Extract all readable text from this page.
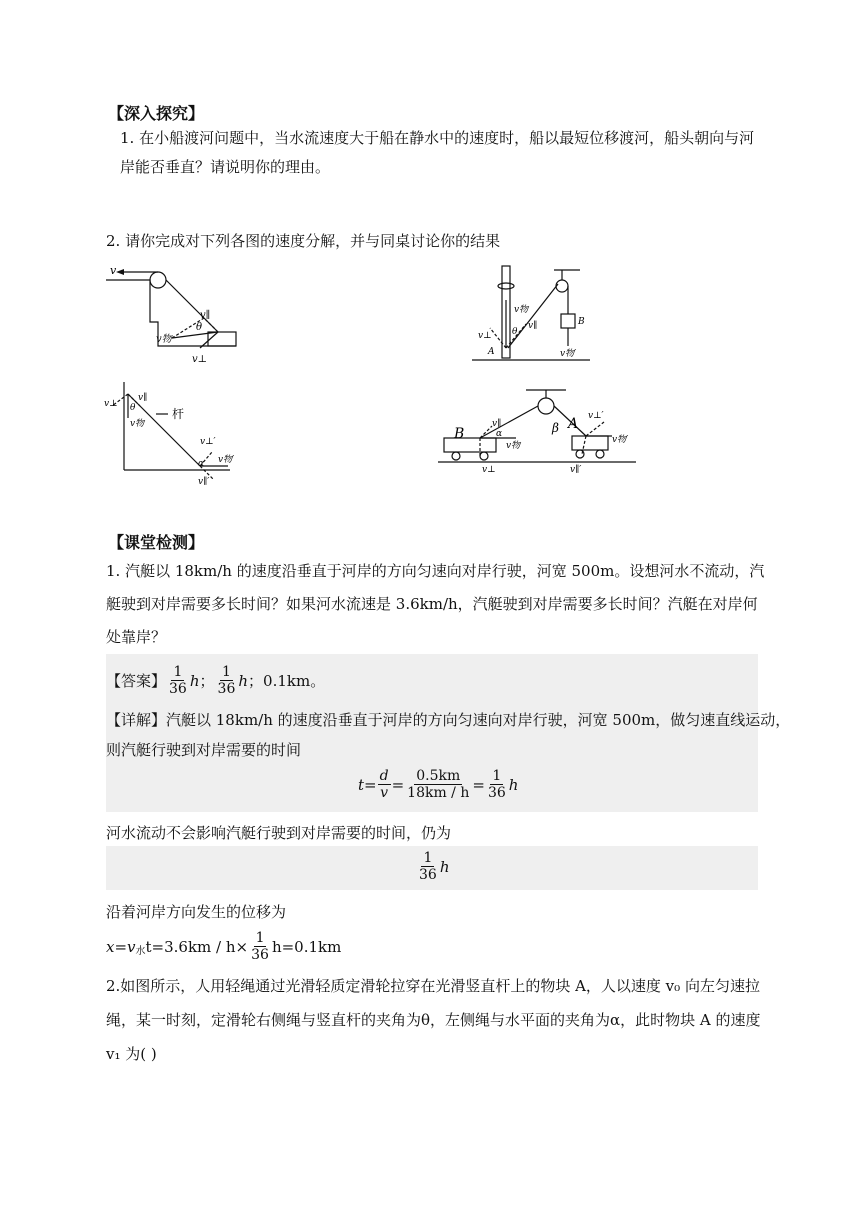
【深入探究】
1. 在小船渡河问题中，当水流速度大于船在静水中的速度时，船以最短位移渡河，船头朝向与河
岸能否垂直？请说明你的理由。
2. 请你完成对下列各图的速度分解，并与同桌讨论你的结果
v
v∥
θ
v物
v⊥
v物
v⊥
v∥
θ
A
B
v物′
v⊥ θ
v∥
v物
杆
v⊥′
v物′
α
v∥′
B
v∥
α
v物
v⊥
β A v⊥′
v物′
v∥′
【课堂检测】
1. 汽艇以 18km/h 的速度沿垂直于河岸的方向匀速向对岸行驶，河宽 500m。设想河水不流动，汽
艇驶到对岸需要多长时间？如果河水流速是 3.6km/h，汽艇驶到对岸需要多长时间？汽艇在对岸何
处靠岸？
【答案】 $\frac{1}{36}$ h ； $\frac{1}{36}$ h ；0.1km。
【详解】汽艇以 18km/h 的速度沿垂直于河岸的方向匀速向对岸行驶，河宽 500m，做匀速直线运动，
则汽艇行驶到对岸需要的时间
$t = \frac{d}{v} = \frac{0.5km}{18km / h} = \frac{1}{36}$ h
河水流动不会影响汽艇行驶到对岸需要的时间，仍为
$\frac{1}{36}$ h
沿着河岸方向发生的位移为
x=v 水 $t=3.6km / h\times \frac{1}{36} h=0.1km$
2.如图所示，人用轻绳通过光滑轻质定滑轮拉穿在光滑竖直杆上的物块 A，人以速度 v₀ 向左匀速拉
绳，某一时刻，定滑轮右侧绳与竖直杆的夹角为θ，左侧绳与水平面的夹角为α，此时物块 A 的速度
v₁ 为( )
